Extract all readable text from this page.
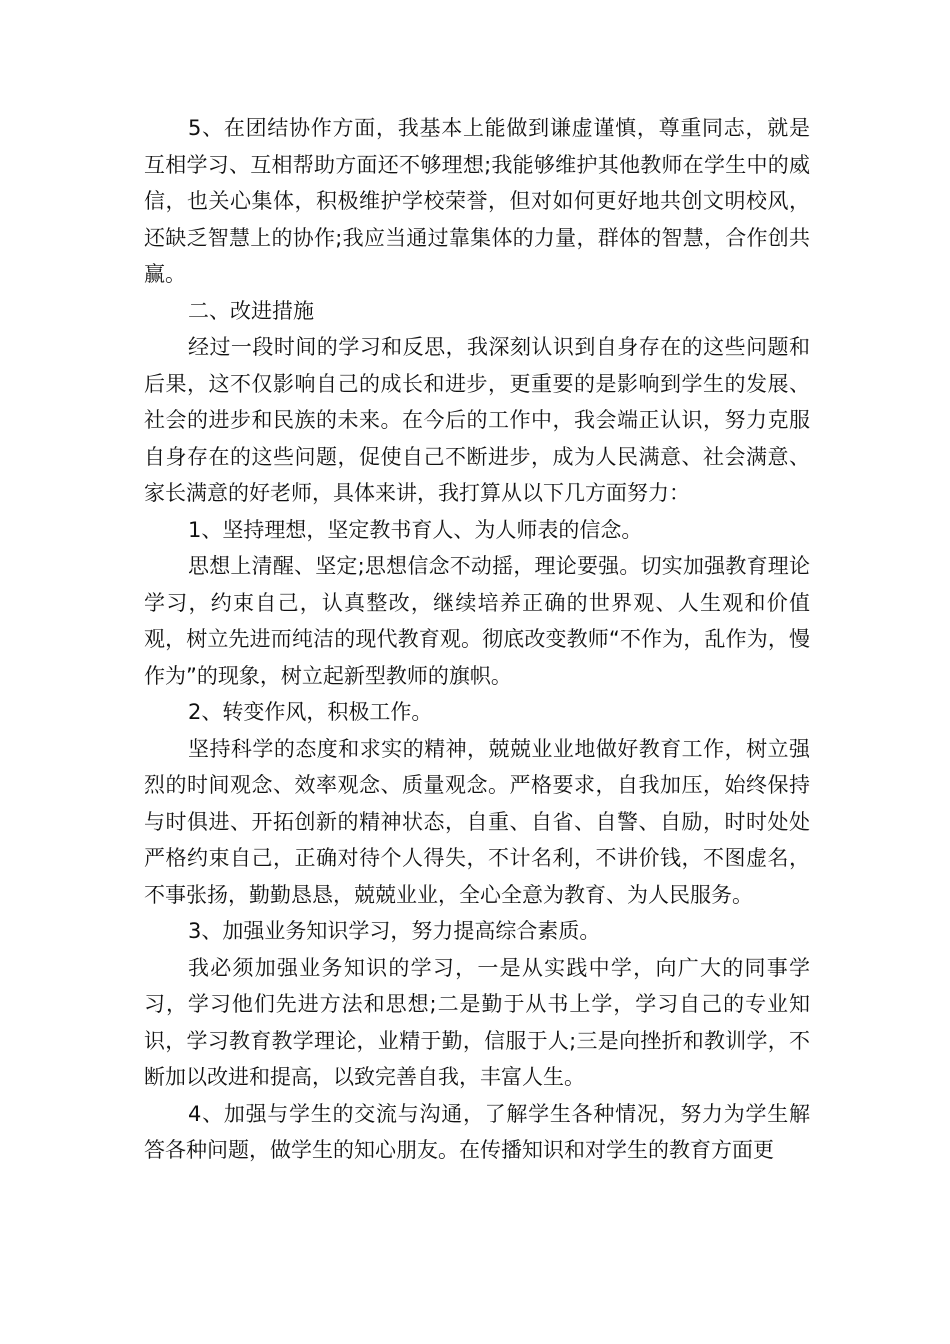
5、在团结协作方面，我基本上能做到谦虚谨慎，尊重同志，就是互相学习、互相帮助方面还不够理想;我能够维护其他教师在学生中的威信，也关心集体，积极维护学校荣誉，但对如何更好地共创文明校风，还缺乏智慧上的协作;我应当通过靠集体的力量，群体的智慧，合作创共赢。

二、改进措施

经过一段时间的学习和反思，我深刻认识到自身存在的这些问题和后果，这不仅影响自己的成长和进步，更重要的是影响到学生的发展、社会的进步和民族的未来。在今后的工作中，我会端正认识，努力克服自身存在的这些问题，促使自己不断进步，成为人民满意、社会满意、家长满意的好老师，具体来讲，我打算从以下几方面努力：

1、坚持理想，坚定教书育人、为人师表的信念。

思想上清醒、坚定;思想信念不动摇，理论要强。切实加强教育理论学习，约束自己，认真整改，继续培养正确的世界观、人生观和价值观，树立先进而纯洁的现代教育观。彻底改变教师“不作为，乱作为，慢作为”的现象，树立起新型教师的旗帜。

2、转变作风，积极工作。

坚持科学的态度和求实的精神，兢兢业业地做好教育工作，树立强烈的时间观念、效率观念、质量观念。严格要求，自我加压，始终保持与时俱进、开拓创新的精神状态，自重、自省、自警、自励，时时处处严格约束自己，正确对待个人得失，不计名利，不讲价钱，不图虚名，不事张扬，勤勤恳恳，兢兢业业，全心全意为教育、为人民服务。

3、加强业务知识学习，努力提高综合素质。

我必须加强业务知识的学习，一是从实践中学，向广大的同事学习，学习他们先进方法和思想;二是勤于从书上学，学习自己的专业知识，学习教育教学理论，业精于勤，信服于人;三是向挫折和教训学，不断加以改进和提高，以致完善自我，丰富人生。

4、加强与学生的交流与沟通，了解学生各种情况，努力为学生解答各种问题，做学生的知心朋友。在传播知识和对学生的教育方面更
